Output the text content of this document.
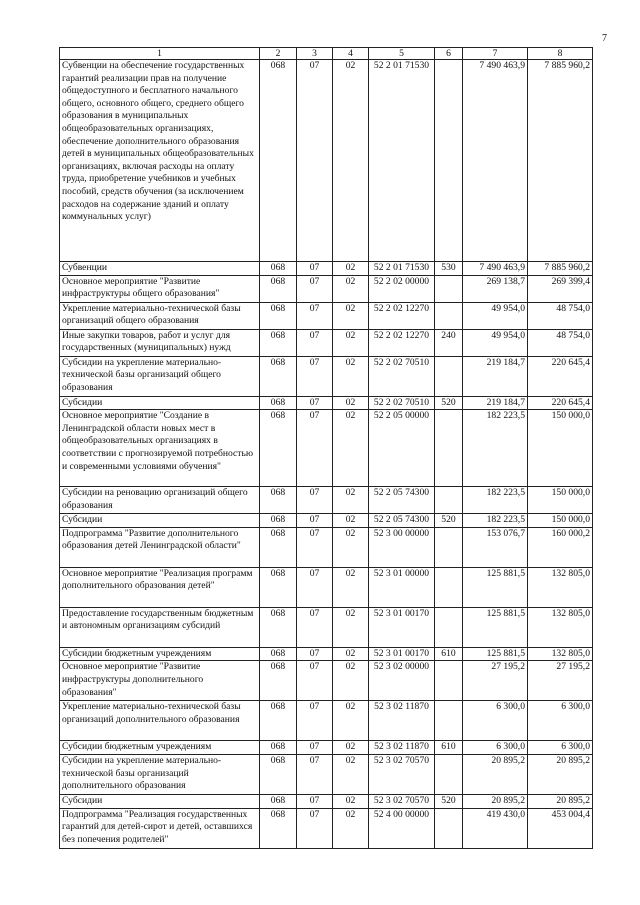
7
1	2	3	4	5	6	7	8
Субвенции на обеспечение государственных гарантий реализации прав на получение общедоступного и бесплатного начального общего, основного общего, среднего общего образования в муниципальных общеобразовательных организациях, обеспечение дополнительного образования детей в муниципальных общеобразовательных организациях, включая расходы на оплату труда, приобретение учебников и учебных пособий, средств обучения (за исключением расходов на содержание зданий и оплату коммунальных услуг)	068	07	02	52 2 01 71530		7 490 463,9	7 885 960,2
Субвенции	068	07	02	52 2 01 71530	530	7 490 463,9	7 885 960,2
Основное мероприятие "Развитие инфраструктуры общего образования"	068	07	02	52 2 02 00000		269 138,7	269 399,4
Укрепление материально-технической базы организаций общего образования	068	07	02	52 2 02 12270		49 954,0	48 754,0
Иные закупки товаров, работ и услуг для государственных (муниципальных) нужд	068	07	02	52 2 02 12270	240	49 954,0	48 754,0
Субсидии на укрепление материально-технической базы организаций общего образования	068	07	02	52 2 02 70510		219 184,7	220 645,4
Субсидии	068	07	02	52 2 02 70510	520	219 184,7	220 645,4
Основное мероприятие "Создание в Ленинградской области новых мест в общеобразовательных организациях в соответствии с прогнозируемой потребностью и современными условиями обучения"	068	07	02	52 2 05 00000		182 223,5	150 000,0
Субсидии на реновацию организаций общего образования	068	07	02	52 2 05 74300		182 223,5	150 000,0
Субсидии	068	07	02	52 2 05 74300	520	182 223,5	150 000,0
Подпрограмма "Развитие дополнительного образования детей Ленинградской области"	068	07	02	52 3 00 00000		153 076,7	160 000,2
Основное мероприятие "Реализация программ дополнительного образования детей"	068	07	02	52 3 01 00000		125 881,5	132 805,0
Предоставление государственным бюджетным и автономным организациям субсидий	068	07	02	52 3 01 00170		125 881,5	132 805,0
Субсидии бюджетным учреждениям	068	07	02	52 3 01 00170	610	125 881,5	132 805,0
Основное мероприятие "Развитие инфраструктуры дополнительного образования"	068	07	02	52 3 02 00000		27 195,2	27 195,2
Укрепление материально-технической базы организаций дополнительного образования	068	07	02	52 3 02 11870		6 300,0	6 300,0
Субсидии бюджетным учреждениям	068	07	02	52 3 02 11870	610	6 300,0	6 300,0
Субсидии на укрепление материально-технической базы организаций дополнительного образования	068	07	02	52 3 02 70570		20 895,2	20 895,2
Субсидии	068	07	02	52 3 02 70570	520	20 895,2	20 895,2
Подпрограмма "Реализация государственных гарантий для детей-сирот и детей, оставшихся без попечения родителей"	068	07	02	52 4 00 00000		419 430,0	453 004,4
